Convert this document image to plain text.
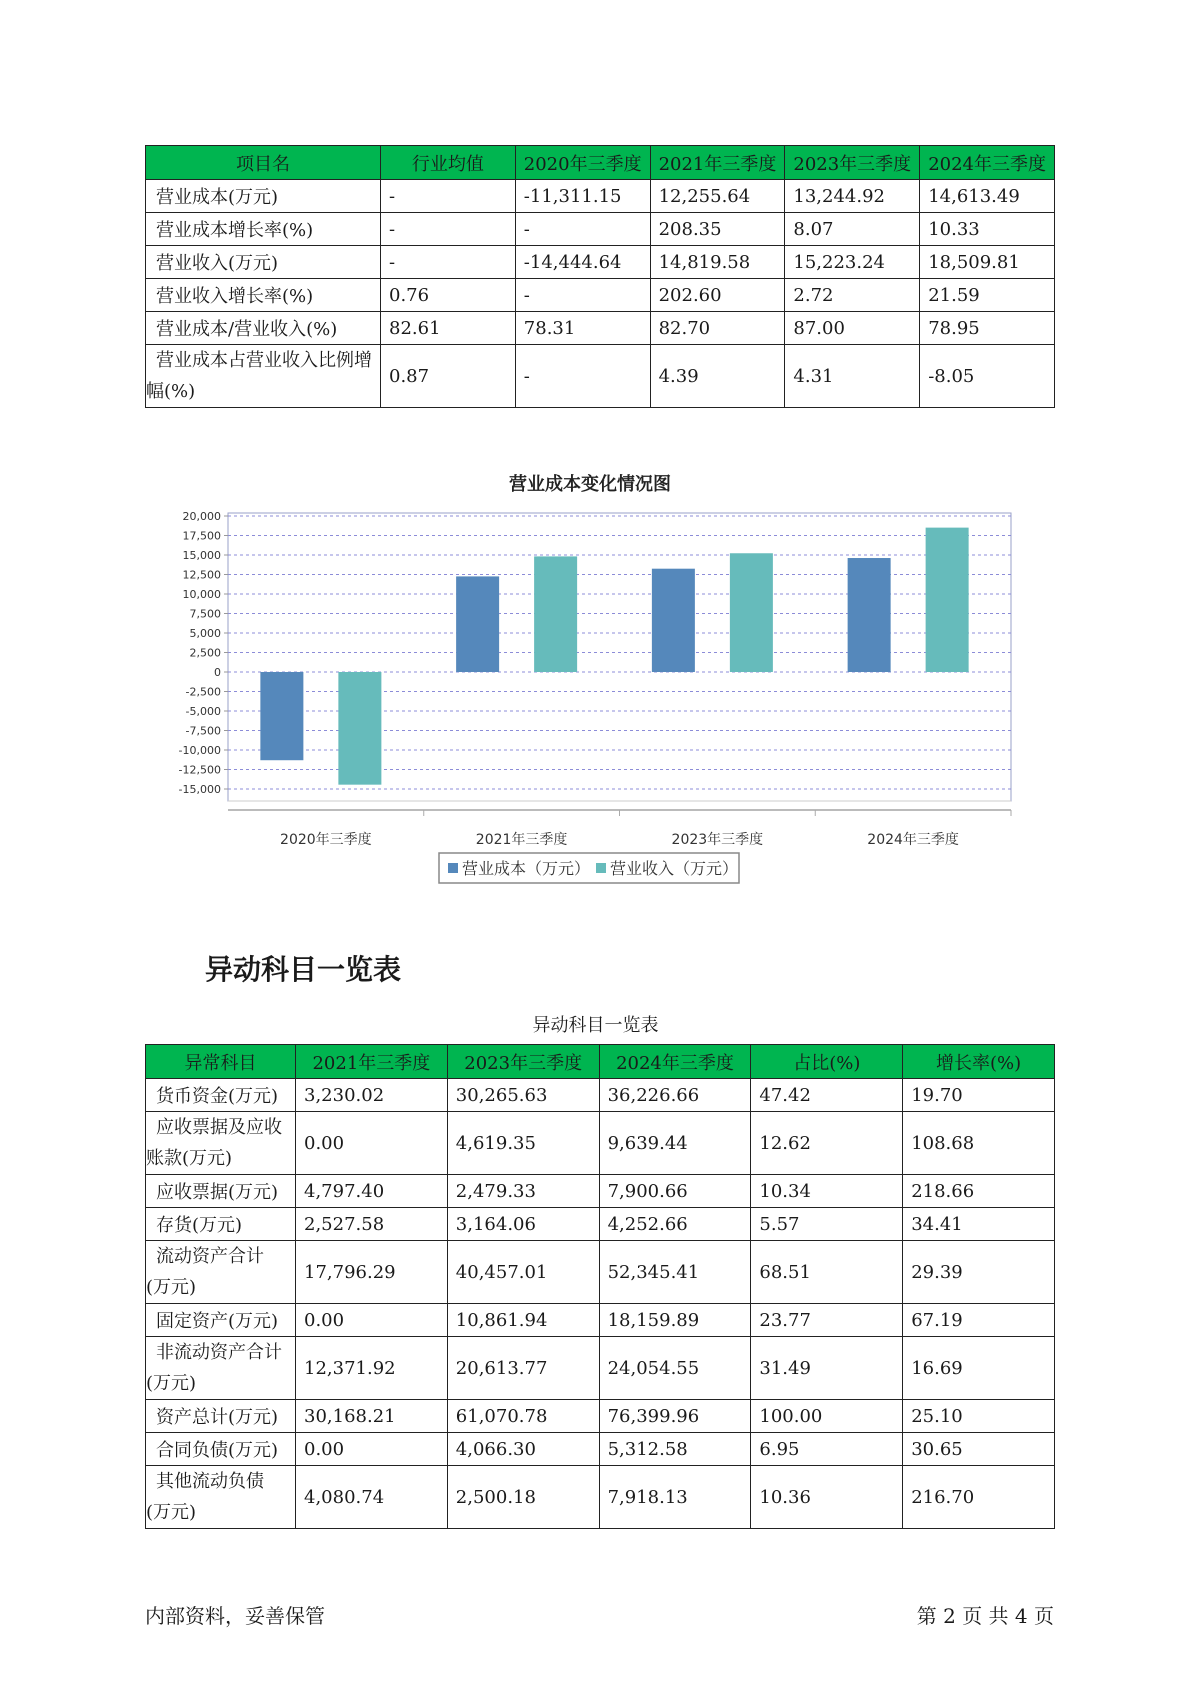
项目名	行业均值	2020年三季度	2021年三季度	2023年三季度	2024年三季度
营业成本(万元)	-	-11,311.15	12,255.64	13,244.92	14,613.49
营业成本增长率(%)	-	-	208.35	8.07	10.33
营业收入(万元)	-	-14,444.64	14,819.58	15,223.24	18,509.81
营业收入增长率(%)	0.76	-	202.60	2.72	21.59
营业成本/营业收入(%)	82.61	78.31	82.70	87.00	78.95
营业成本占营业收入比例增幅(%)	0.87	-	4.39	4.31	-8.05
营业成本变化情况图
20,000
17,500
15,000
12,500
10,000
7,500
5,000
2,500
0
-2,500
-5,000
-7,500
-10,000
-12,500
-15,000
2020年三季度	2021年三季度	2023年三季度	2024年三季度
营业成本（万元） 营业收入（万元）
异动科目一览表
异动科目一览表
异常科目	2021年三季度	2023年三季度	2024年三季度	占比(%)	增长率(%)
货币资金(万元)	3,230.02	30,265.63	36,226.66	47.42	19.70
应收票据及应收账款(万元)	0.00	4,619.35	9,639.44	12.62	108.68
应收票据(万元)	4,797.40	2,479.33	7,900.66	10.34	218.66
存货(万元)	2,527.58	3,164.06	4,252.66	5.57	34.41
流动资产合计(万元)	17,796.29	40,457.01	52,345.41	68.51	29.39
固定资产(万元)	0.00	10,861.94	18,159.89	23.77	67.19
非流动资产合计(万元)	12,371.92	20,613.77	24,054.55	31.49	16.69
资产总计(万元)	30,168.21	61,070.78	76,399.96	100.00	25.10
合同负债(万元)	0.00	4,066.30	5,312.58	6.95	30.65
其他流动负债(万元)	4,080.74	2,500.18	7,918.13	10.36	216.70
内部资料，妥善保管	第 2 页 共 4 页
